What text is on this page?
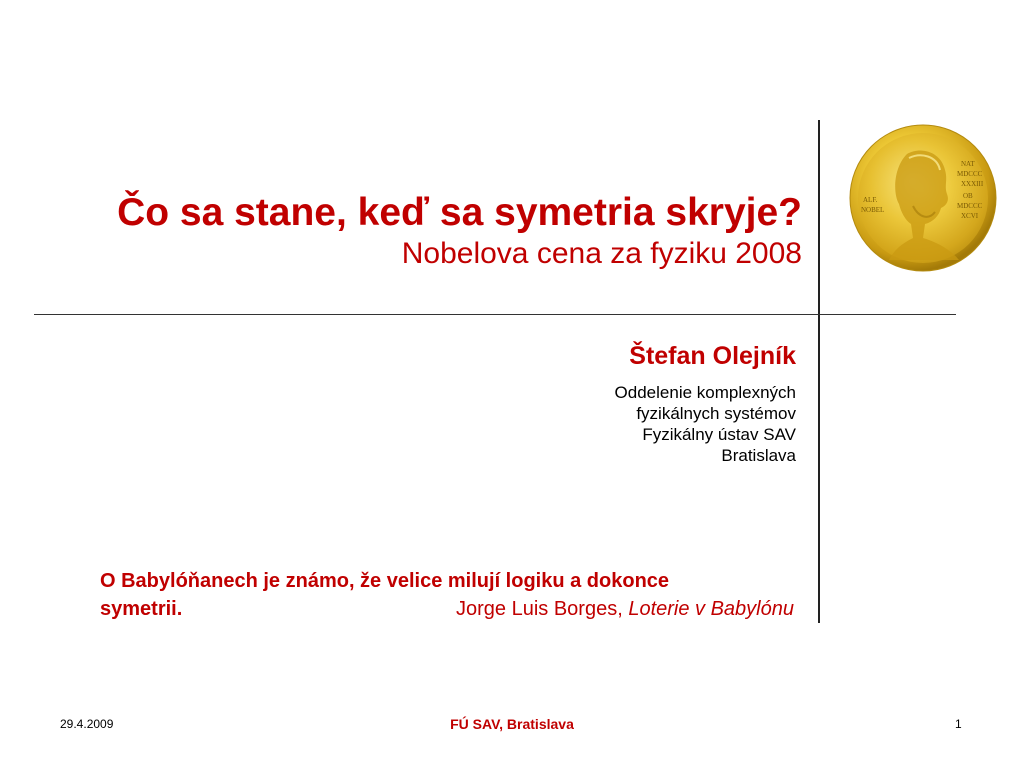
Čo sa stane, keď sa symetria skryje?
Nobelova cena za fyziku 2008
ALF.
NOBEL
NAT
MDCCC
XXXIII
OB
MDCCC
XCVI
Štefan Olejník
Oddelenie komplexných
fyzikálnych systémov
Fyzikálny ústav SAV
Bratislava
O Babylóňanech je známo, že velice milují logiku a dokonce
symetrii.	Jorge Luis Borges, Loterie v Babylónu
29.4.2009	FÚ SAV, Bratislava	1
